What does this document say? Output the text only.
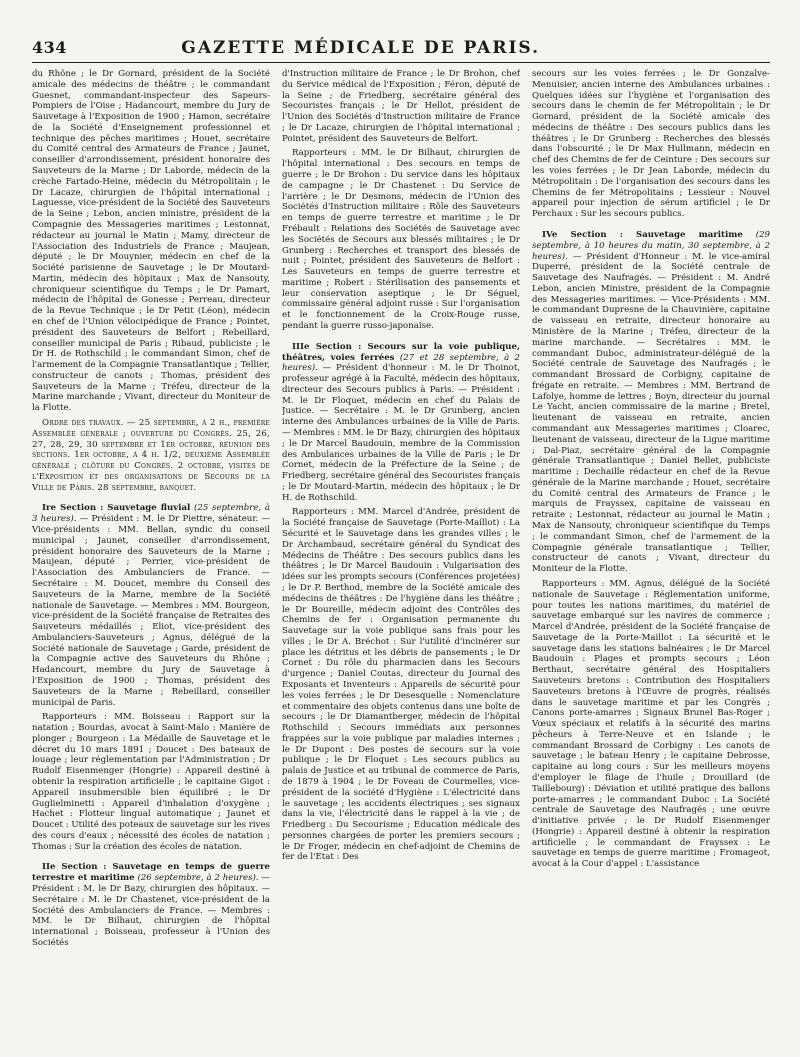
434	GAZETTE MÉDICALE DE PARIS.

du Rhône ; le Dr Gornard, président de la Société amicale des médecins de théâtre ; le commandant Guesnet, commandant-inspecteur des Sapeurs-Pompiers de l'Oise ; Hadancourt, membre du Jury de Sauvetage à l'Exposition de 1900 ; Hamon, secrétaire de la Société d'Enseignement professionnel et technique des pêches maritimes ; Houet, secrétaire du Comité central des Armateurs de France ; Jaunet, conseiller d'arrondissement, président honoraire des Sauveteurs de la Marne ; Dr Laborde, médecin de la crèche Fartado-Heine, médecin du Métropolitain ; le Dr Lacaze, chirurgien de l'hôpital international ; Laguesse, vice-président de la Société des Sauveteurs de la Seine ; Lebon, ancien ministre, président de la Compagnie des Messageries maritimes ; Lestonnat, rédacteur au journal le Matin ; Mamy, directeur de l'Association des Industriels de France ; Maujean, député ; le Dr Mouynier, médecin en chef de la Société parisienne de Sauvetage ; le Dr Moutard-Martin, médecin des hôpitaux ; Max de Nansouty, chroniqueur scientifique du Temps ; le Dr Pamart, médecin de l'hôpital de Gonesse ; Perreau, directeur de la Revue Technique ; le Dr Petit (Léon), médecin en chef de l'Union vélocipédique de France ; Pointet, président des Sauveteurs de Belfort ; Rebeillard, conseiller municipal de Paris ; Ribaud, publiciste ; le Dr H. de Rothschild ; le commandant Simon, chef de l'armement de la Compagnie Transatlantique ; Tellier, constructeur de canots ; Thomas, président des Sauveteurs de la Marne ; Tréfeu, directeur de la Marine marchande ; Vivant, directeur du Moniteur de la Flotte.

Ordre des travaux. — 25 septembre, à 2 h., première Assemblée générale ; ouverture du Congrès. 25, 26, 27, 28, 29, 30 septembre et 1er octobre, réunion des sections. 1er octobre, à 4 h. 1/2, deuxième Assemblée générale ; clôture du Congrès. 2 octobre, visites de l'Exposition et des organisations de Secours de la Ville de Paris. 28 septembre, banquet.

Ire Section : Sauvetage fluvial (25 septembre, à 3 heures). — Président : M. le Dr Piettre, sénateur. — Vice-présidents : MM. Bellan, syndic du conseil municipal ; Jaunet, conseiller d'arrondissement, président honoraire des Sauveteurs de la Marne ; Maujean, député ; Perrier, vice-président de l'Association des Ambulanciers de France. — Secrétaire : M. Doucet, membre du Conseil des Sauveteurs de la Marne, membre de la Société nationale de Sauvetage. — Membres : MM. Bourgeon, vice-président de la Société française de Retraites des Sauveteurs médaillés ; Eliot, vice-président des Ambulanciers-Sauveteurs ; Agnus, délégué de la Société nationale de Sauvetage ; Garde, président de la Compagnie active des Sauveteurs du Rhône ; Hadancourt, membre du Jury de Sauvetage à l'Exposition de 1900 ; Thomas, président des Sauveteurs de la Marne ; Rebeillard, conseiller municipal de Paris.

Rapporteurs : MM. Boisseau : Rapport sur la natation ; Bourdas, avocat à Saint-Malo : Manière de plonger ; Bourgeon : La Médaille de Sauvetage et le décret du 10 mars 1891 ; Doucet : Des bateaux de louage ; leur réglementation par l'Administration ; Dr Rudolf Eisenmenger (Hongrie) : Appareil destiné à obtenir la respiration artificielle ; le capitaine Gigot : Appareil insubmersible bien équilibré ; le Dr Guglielminetti : Appareil d'inhalation d'oxygène ; Hachet : Flotteur lingual automatique ; Jaunet et Doucet : Utilité des poteaux de sauvetage sur les rives des cours d'eaux ; nécessité des écoles de natation ; Thomas : Sur la création des écoles de natation.

IIe Section : Sauvetage en temps de guerre terrestre et maritime (26 septembre, à 2 heures). — Président : M. le Dr Bazy, chirurgien des hôpitaux. — Secrétaire : M. le Dr Chastenet, vice-président de la Société des Ambulanciers de France. — Membres : MM. le Dr Bilhaut, chirurgien de l'hôpital international ; Boisseau, professeur à l'Union des Sociétés

d'Instruction militaire de France ; le Dr Brohon, chef du Service médical de l'Exposition ; Féron, député de la Seine ; de Friedberg, secrétaire général des Secouristes français ; le Dr Hellot, président de l'Union des Sociétés d'Instruction militaire de France ; le Dr Lacaze, chirurgien de l'hôpital international ; Pointet, président des Sauveteurs de Belfort.

Rapporteurs : MM. le Dr Bilhaut, chirurgien de l'hôpital international : Des secours en temps de guerre ; le Dr Brohon : Du service dans les hôpitaux de campagne ; le Dr Chastenet : Du Service de l'arrière ; le Dr Desmons, médecin de l'Union des Sociétés d'Instruction militaire : Rôle des Sauveteurs en temps de guerre terrestre et maritime ; le Dr Frébault : Relations des Sociétés de Sauvetage avec les Sociétés de Secours aux blessés militaires ; le Dr Grunberg : Recherches et transport des blessés de nuit ; Pointet, président des Sauveteurs de Belfort : Les Sauveteurs en temps de guerre terrestre et maritime ; Robert : Stérilisation des pansements et leur conservation aseptique ; le Dr Séguel, commissaire général adjoint russe : Sur l'organisation et le fonctionnement de la Croix-Rouge russe, pendant la guerre russo-japonaise.

IIIe Section : Secours sur la voie publique, théâtres, voies ferrées (27 et 28 septembre, à 2 heures). — Président d'honneur : M. le Dr Thoinot, professeur agrégé à la Faculté, médecin des hôpitaux, directeur des Secours publics à Paris. — Président : M. le Dr Floquet, médecin en chef du Palais de Justice. — Secrétaire : M. le Dr Grunberg, ancien interne des Ambulances urbaines de la Ville de Paris. — Membres : MM. le Dr Bazy, chirurgien des hôpitaux ; le Dr Marcel Baudouin, membre de la Commission des Ambulances urbaines de la Ville de Paris ; le Dr Cornet, médecin de la Préfecture de la Seine ; de Friedberg, secrétaire général des Secouristes français ; le Dr Moutard-Martin, médecin des hôpitaux ; le Dr H. de Rothschild.

Rapporteurs : MM. Marcel d'Andrée, président de la Société française de Sauvetage (Porte-Maillot) : La Sécurité et le Sauvetage dans les grandes villes ; le Dr Archambaud, secrétaire général du Syndicat des Médecins de Théâtre : Des secours publics dans les théâtres ; le Dr Marcel Baudouin : Vulgarisation des idées sur les prompts secours (Conférences projetées) ; le Dr P. Berthod, membre de la Société amicale des médecins de théâtres : De l'hygiène dans les théâtre ; le Dr Boureille, médecin adjoint des Contrôles des Chemins de fer : Organisation permanente du Sauvetage sur la voie publique sans frais pour les villes ; le Dr A. Bréchot : Sur l'utilité d'incinérer sur place les détritus et les débris de pansements ; le Dr Cornet : Du rôle du pharmacien dans les Secours d'urgence ; Daniel Coutas, directeur du Journal des Exposants et Inventeurs : Appareils de sécurité pour les voies ferrées ; le Dr Desesquelle : Nomenclature et commentaire des objets contenus dans une boîte de secours ; le Dr Diamantberger, médecin de l'hôpital Rothschild : Secours immédiats aux personnes frappées sur la voie publique par maladies internes ; le Dr Dupont : Des postes de secours sur la voie publique ; le Dr Floquet : Les secours publics au palais de Justice et au tribunal de commerce de Paris, de 1879 à 1904 ; le Dr Foveau de Courmelles, vice-président de la société d'Hygiène : L'électricité dans le sauvetage ; les accidents électriques ; ses signaux dans la vie, l'électricité dans le rappel à la vie ; de Friedberg : Du Secourisme ; Education médicale des personnes chargées de porter les premiers secours ; le Dr Froger, médecin en chef-adjoint de Chemins de fer de l'Etat : Des

secours sur les voies ferrées ; le Dr Gonzalve-Menuisier, ancien interne des Ambulances urbaines : Quelques idées sur l'hygiène et l'organisation des secours dans le chemin de fer Métropolitain ; le Dr Gornard, président de la Société amicale des médecins de théâtre : Des secours publics dans les théâtres ; le Dr Grunberg : Recherches des blessés dans l'obscurité ; le Dr Max Hullmann, médecin en chef des Chemins de fer de Ceinture : Des secours sur les voies ferrées ; le Dr Jean Laborde, médecin du Métropolitain : De l'organisation des secours dans les Chemins de fer Métropolitains ; Lessieur : Nouvel appareil pour injection de sérum artificiel ; le Dr Perchaux : Sur les secours publics.

IVe Section : Sauvetage maritime (29 septembre, à 10 heures du matin, 30 septembre, à 2 heures). — Président d'Honneur : M. le vice-amiral Duperré, président de la Société centrale de Sauvetage des Naufragés. — Président : M. André Lebon, ancien Ministre, président de la Compagnie des Messageries maritimes. — Vice-Présidents : MM. le commandant Dupresne de la Chauvinière, capitaine de vaisseau en retraite, directeur honoraire au Ministère de la Marine ; Tréfeu, directeur de la marine marchande. — Secrétaires : MM. le commandant Duboc, administrateur-délégué de la Société centrale de Sauvetage des Naufragés ; le commandant Brossard de Corbigny, capitaine de frégate en retraite. — Membres : MM. Bertrand de Lafolye, homme de lettres ; Boyn, directeur du journal Le Yacht, ancien commissaire de la marine ; Bretel, lieutenant de vaisseau en retraite, ancien commandant aux Messageries maritimes ; Cloarec, lieutenant de vaisseau, directeur de la Ligue maritime ; Dal-Piaz, secrétaire général de la Compagnie générale Transatlantique ; Daniel Bellet, publiciste maritime ; Dechaille rédacteur en chef de la Revue générale de la Marine marchande ; Houet, secrétaire du Comité central des Armateurs de France ; le marquis de Frayssex, capitaine de vaisseau en retraite ; Lestonnat, rédacteur au journal le Matin ; Max de Nansouty, chroniqueur scientifique du Temps ; le commandant Simon, chef de l'armement de la Compagnie générale transatlantique ; Tellier, constructeur de canots ; Vivant, directeur du Moniteur de la Flotte.

Rapporteurs : MM. Agnus, délégué de la Société nationale de Sauvetage : Réglementation uniforme, pour toutes les nations maritimes, du matériel de sauvetage embarqué sur les navires de commerce ; Marcel d'Andrée, président de la Société française de Sauvetage de la Porte-Maillot : La sécurité et le sauvetage dans les stations balnéaires ; le Dr Marcel Baudouin : Plages et prompts secours ; Léon Berthaut, secrétaire général des Hospitaliers Sauveteurs bretons : Contribution des Hospitaliers Sauveteurs bretons à l'Œuvre de progrès, réalisés dans le sauvetage maritime et par les Congrès ; Canons porte-amarres ; Signaux Brunel Bas-Roger ; Vœux spéciaux et relatifs à la sécurité des marins pêcheurs à Terre-Neuve et en Islande ; le commandant Brossard de Corbigny : Les canots de sauvetage ; le bateau Henry ; le capitaine Debrosse, capitaine au long cours : Sur les meilleurs moyens d'employer le filage de l'huile ; Drouillard (de Taillebourg) : Déviation et utilité pratique des ballons porte-amarres ; le commandant Duboc : La Société centrale de Sauvetage des Naufragés ; une œuvre d'initiative privée ; le Dr Rudolf Eisenmenger (Hongrie) : Appareil destiné à obtenir la respiration artificielle ; le commandant de Frayssex : Le sauvetage en temps de guerre maritime ; Fromageot, avocat à la Cour d'appel : L'assistance
